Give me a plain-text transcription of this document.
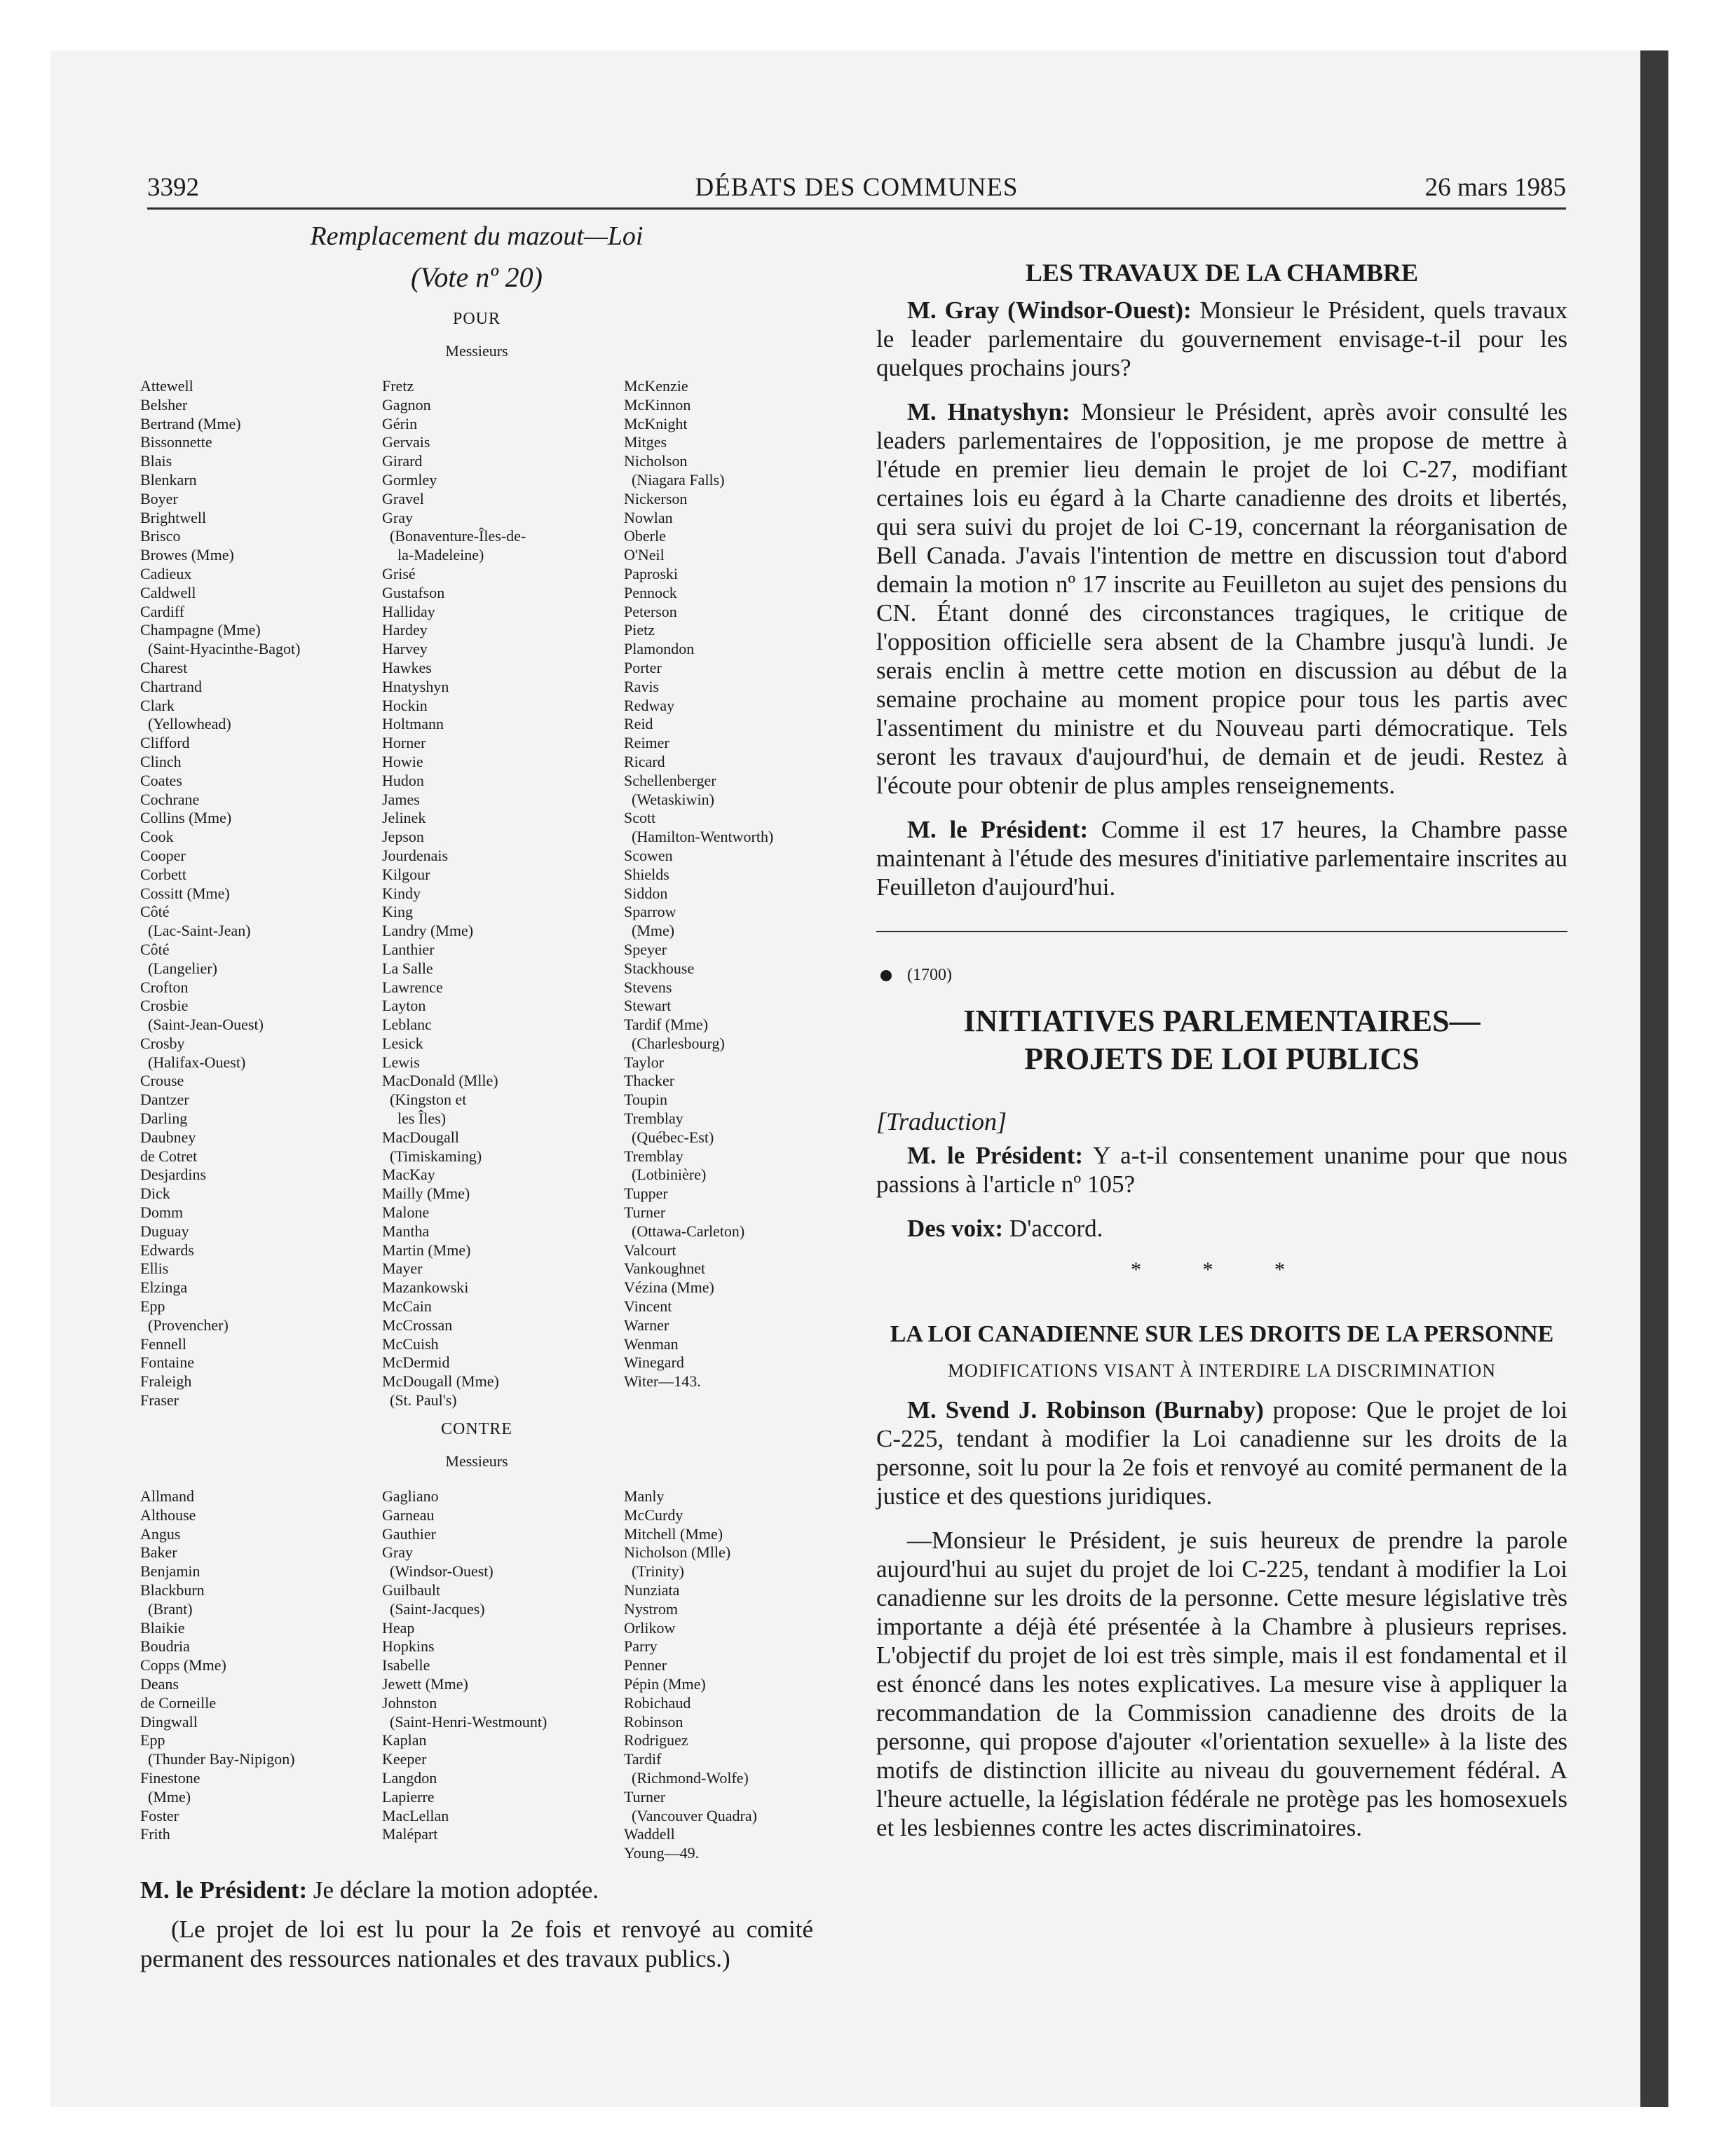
3392	DÉBATS DES COMMUNES	26 mars 1985

Remplacement du mazout—Loi

(Vote nº 20)

POUR

Messieurs

Attewell
Belsher
Bertrand (Mme)
Bissonnette
Blais
Blenkarn
Boyer
Brightwell
Brisco
Browes (Mme)
Cadieux
Caldwell
Cardiff
Champagne (Mme)
(Saint-Hyacinthe-Bagot)
Charest
Chartrand
Clark
(Yellowhead)
Clifford
Clinch
Coates
Cochrane
Collins (Mme)
Cook
Cooper
Corbett
Cossitt (Mme)
Côté
(Lac-Saint-Jean)
Côté
(Langelier)
Crofton
Crosbie
(Saint-Jean-Ouest)
Crosby
(Halifax-Ouest)
Crouse
Dantzer
Darling
Daubney
de Cotret
Desjardins
Dick
Domm
Duguay
Edwards
Ellis
Elzinga
Epp
(Provencher)
Fennell
Fontaine
Fraleigh
Fraser
Fretz
Gagnon
Gérin
Gervais
Girard
Gormley
Gravel
Gray
(Bonaventure-Îles-de-
la-Madeleine)
Grisé
Gustafson
Halliday
Hardey
Harvey
Hawkes
Hnatyshyn
Hockin
Holtmann
Horner
Howie
Hudon
James
Jelinek
Jepson
Jourdenais
Kilgour
Kindy
King
Landry (Mme)
Lanthier
La Salle
Lawrence
Layton
Leblanc
Lesick
Lewis
MacDonald (Mlle)
(Kingston et
les Îles)
MacDougall
(Timiskaming)
MacKay
Mailly (Mme)
Malone
Mantha
Martin (Mme)
Mayer
Mazankowski
McCain
McCrossan
McCuish
McDermid
McDougall (Mme)
(St. Paul's)
McKenzie
McKinnon
McKnight
Mitges
Nicholson
(Niagara Falls)
Nickerson
Nowlan
Oberle
O'Neil
Paproski
Pennock
Peterson
Pietz
Plamondon
Porter
Ravis
Redway
Reid
Reimer
Ricard
Schellenberger
(Wetaskiwin)
Scott
(Hamilton-Wentworth)
Scowen
Shields
Siddon
Sparrow
(Mme)
Speyer
Stackhouse
Stevens
Stewart
Tardif (Mme)
(Charlesbourg)
Taylor
Thacker
Toupin
Tremblay
(Québec-Est)
Tremblay
(Lotbinière)
Tupper
Turner
(Ottawa-Carleton)
Valcourt
Vankoughnet
Vézina (Mme)
Vincent
Warner
Wenman
Winegard
Witer—143.

CONTRE

Messieurs

Allmand
Althouse
Angus
Baker
Benjamin
Blackburn
(Brant)
Blaikie
Boudria
Copps (Mme)
Deans
de Corneille
Dingwall
Epp
(Thunder Bay-Nipigon)
Finestone
(Mme)
Foster
Frith
Gagliano
Garneau
Gauthier
Gray
(Windsor-Ouest)
Guilbault
(Saint-Jacques)
Heap
Hopkins
Isabelle
Jewett (Mme)
Johnston
(Saint-Henri-Westmount)
Kaplan
Keeper
Langdon
Lapierre
MacLellan
Malépart
Manly
McCurdy
Mitchell (Mme)
Nicholson (Mlle)
(Trinity)
Nunziata
Nystrom
Orlikow
Parry
Penner
Pépin (Mme)
Robichaud
Robinson
Rodriguez
Tardif
(Richmond-Wolfe)
Turner
(Vancouver Quadra)
Waddell
Young—49.

M. le Président: Je déclare la motion adoptée.

(Le projet de loi est lu pour la 2e fois et renvoyé au comité permanent des ressources nationales et des travaux publics.)

LES TRAVAUX DE LA CHAMBRE

M. Gray (Windsor-Ouest): Monsieur le Président, quels travaux le leader parlementaire du gouvernement envisage-t-il pour les quelques prochains jours?

M. Hnatyshyn: Monsieur le Président, après avoir consulté les leaders parlementaires de l'opposition, je me propose de mettre à l'étude en premier lieu demain le projet de loi C-27, modifiant certaines lois eu égard à la Charte canadienne des droits et libertés, qui sera suivi du projet de loi C-19, concernant la réorganisation de Bell Canada. J'avais l'intention de mettre en discussion tout d'abord demain la motion nº 17 inscrite au Feuilleton au sujet des pensions du CN. Étant donné des circonstances tragiques, le critique de l'opposition officielle sera absent de la Chambre jusqu'à lundi. Je serais enclin à mettre cette motion en discussion au début de la semaine prochaine au moment propice pour tous les partis avec l'assentiment du ministre et du Nouveau parti démocratique. Tels seront les travaux d'aujourd'hui, de demain et de jeudi. Restez à l'écoute pour obtenir de plus amples renseignements.

M. le Président: Comme il est 17 heures, la Chambre passe maintenant à l'étude des mesures d'initiative parlementaire inscrites au Feuilleton d'aujourd'hui.

(1700)

INITIATIVES PARLEMENTAIRES—
PROJETS DE LOI PUBLICS

[Traduction]

M. le Président: Y a-t-il consentement unanime pour que nous passions à l'article nº 105?

Des voix: D'accord.

* * *

LA LOI CANADIENNE SUR LES DROITS DE LA PERSONNE

MODIFICATIONS VISANT À INTERDIRE LA DISCRIMINATION

M. Svend J. Robinson (Burnaby) propose: Que le projet de loi C-225, tendant à modifier la Loi canadienne sur les droits de la personne, soit lu pour la 2e fois et renvoyé au comité permanent de la justice et des questions juridiques.

—Monsieur le Président, je suis heureux de prendre la parole aujourd'hui au sujet du projet de loi C-225, tendant à modifier la Loi canadienne sur les droits de la personne. Cette mesure législative très importante a déjà été présentée à la Chambre à plusieurs reprises. L'objectif du projet de loi est très simple, mais il est fondamental et il est énoncé dans les notes explicatives. La mesure vise à appliquer la recommandation de la Commission canadienne des droits de la personne, qui propose d'ajouter «l'orientation sexuelle» à la liste des motifs de distinction illicite au niveau du gouvernement fédéral. A l'heure actuelle, la législation fédérale ne protège pas les homosexuels et les lesbiennes contre les actes discriminatoires.
